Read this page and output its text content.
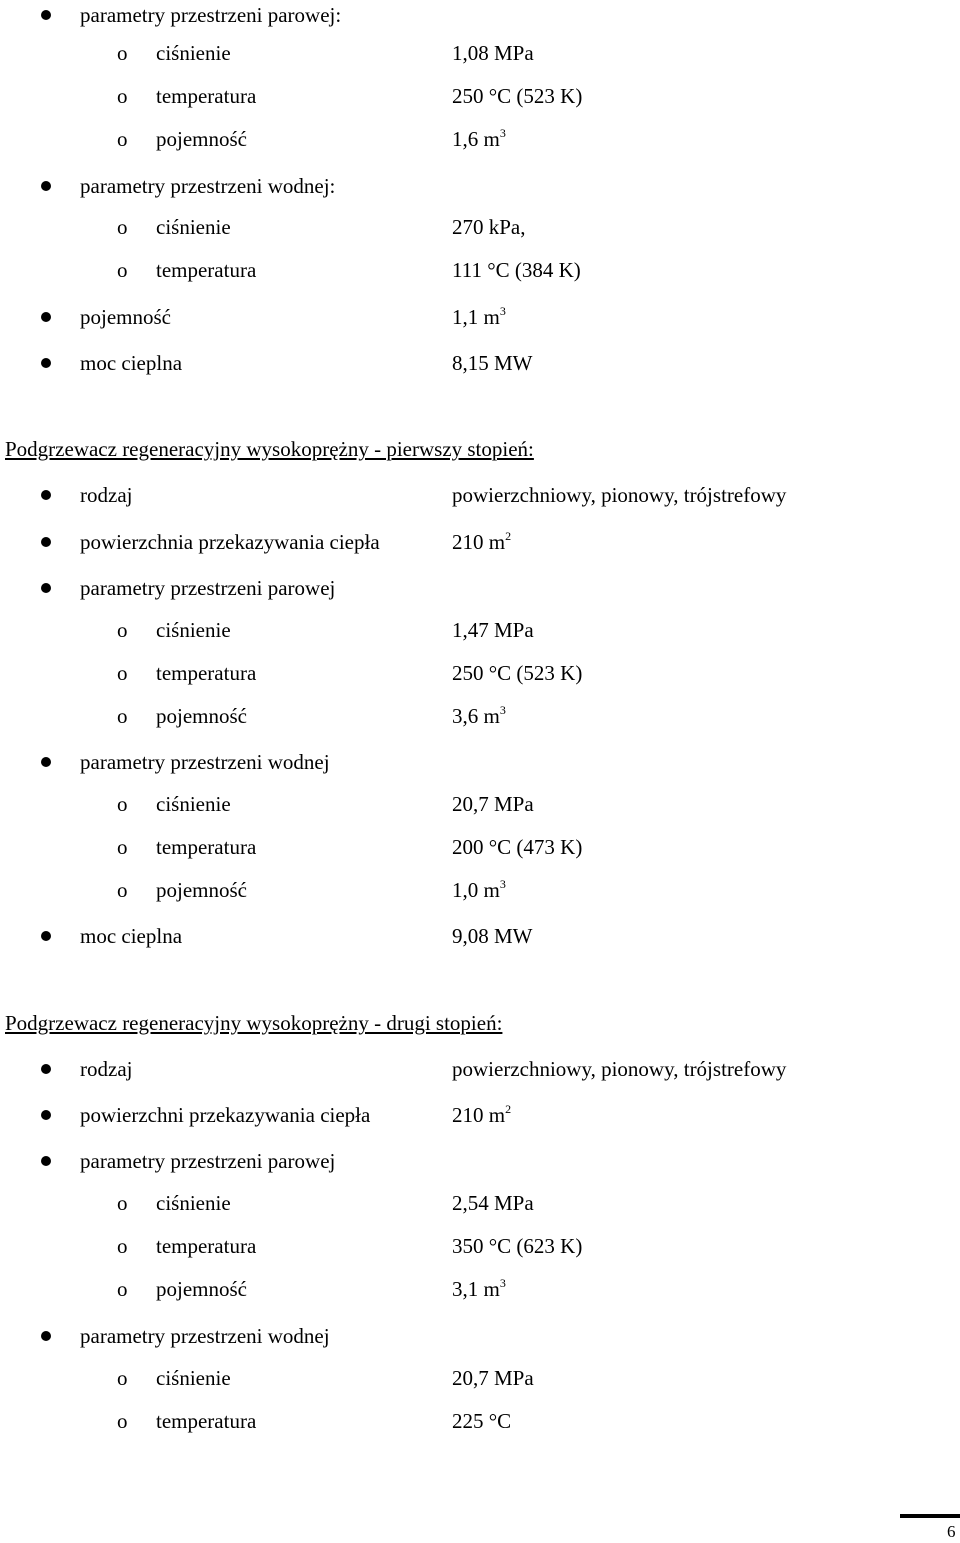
parametry przestrzeni parowej:
o ciśnienie	1,08 MPa
o temperatura	250 °C (523 K)
o pojemność	1,6 $m^3$
parametry przestrzeni wodnej:
o ciśnienie	270 kPa,
o temperatura	111 °C (384 K)
pojemność	1,1 $m^3$
moc cieplna	8,15 MW
Podgrzewacz regeneracyjny wysokoprężny - pierwszy stopień:
rodzaj	powierzchniowy, pionowy, trójstrefowy
powierzchnia przekazywania ciepła	210 $m^2$
parametry przestrzeni parowej
o ciśnienie	1,47 MPa
o temperatura	250 °C (523 K)
o pojemność	3,6 $m^3$
parametry przestrzeni wodnej
o ciśnienie	20,7 MPa
o temperatura	200 °C (473 K)
o pojemność	1,0 $m^3$
moc cieplna	9,08 MW
Podgrzewacz regeneracyjny wysokoprężny - drugi stopień:
rodzaj	powierzchniowy, pionowy, trójstrefowy
powierzchni przekazywania ciepła	210 $m^2$
parametry przestrzeni parowej
o ciśnienie	2,54 MPa
o temperatura	350 °C (623 K)
o pojemność	3,1 $m^3$
parametry przestrzeni wodnej
o ciśnienie	20,7 MPa
o temperatura	225 °C
6
